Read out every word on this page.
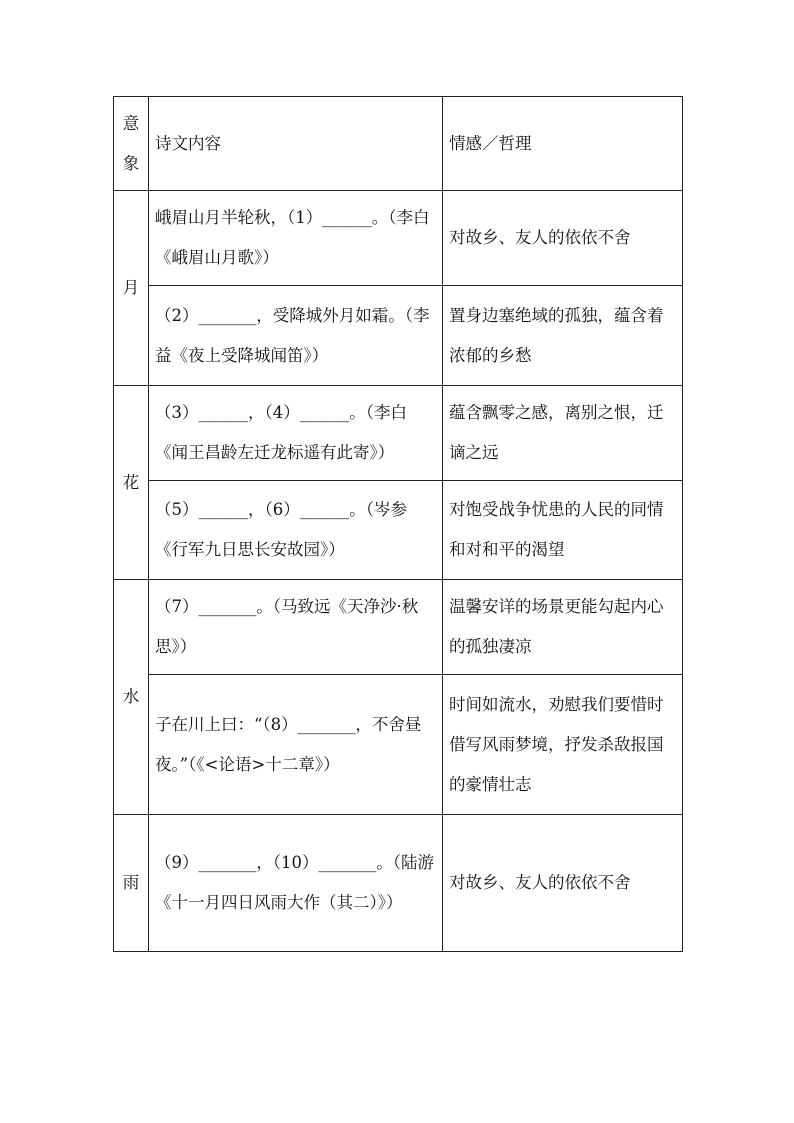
意
象	诗文内容	情感／哲理
月	峨眉山月半轮秋，（1）______。（李白《峨眉山月歌》）	对故乡、友人的依依不舍
	（2）_______，受降城外月如霜。（李益《夜上受降城闻笛》）	置身边塞绝域的孤独，蕴含着浓郁的乡愁
花	（3）______，（4）______。（李白《闻王昌龄左迁龙标遥有此寄》）	蕴含飘零之感，离别之恨，迁谪之远
	（5）______，（6）______。（岑参《行军九日思长安故园》）	对饱受战争忧患的人民的同情和对和平的渴望
水	（7）_______。（马致远《天净沙·秋思》）	温馨安详的场景更能勾起内心的孤独凄凉
	子在川上曰：“（8）_______，不舍昼夜。”（《<论语>十二章》）	时间如流水，劝慰我们要惜时借写风雨梦境，抒发杀敌报国的豪情壮志
雨	（9）_______，（10）_______。（陆游《十一月四日风雨大作（其二）》）	对故乡、友人的依依不舍
